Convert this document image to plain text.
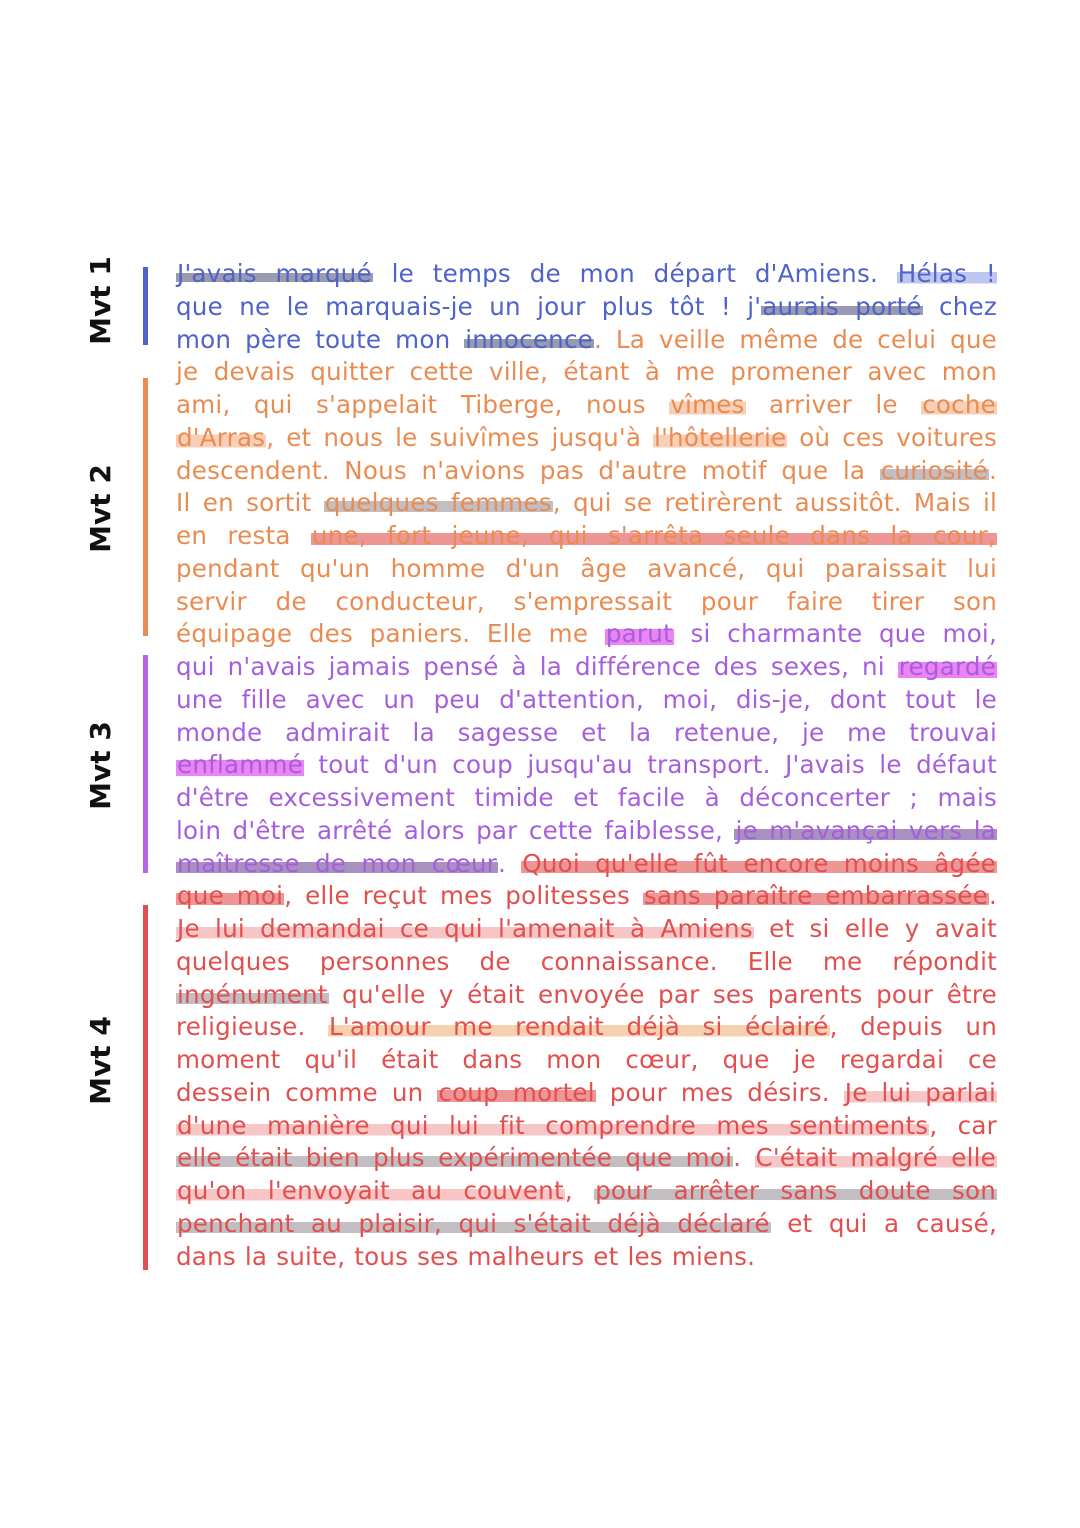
Mvt 1
Mvt 2
Mvt 3
Mvt 4
J'avais marqué le temps de mon départ d'Amiens. Hélas !
que ne le marquais-je un jour plus tôt ! j'aurais porté chez
mon père toute mon innocence. La veille même de celui que
je devais quitter cette ville, étant à me promener avec mon
ami, qui s'appelait Tiberge, nous vîmes arriver le coche
d'Arras, et nous le suivîmes jusqu'à l'hôtellerie où ces voitures
descendent. Nous n'avions pas d'autre motif que la curiosité.
Il en sortit quelques femmes, qui se retirèrent aussitôt. Mais il
en resta une, fort jeune, qui s'arrêta seule dans la cour,
pendant qu'un homme d'un âge avancé, qui paraissait lui
servir de conducteur, s'empressait pour faire tirer son
équipage des paniers. Elle me parut si charmante que moi,
qui n'avais jamais pensé à la différence des sexes, ni regardé
une fille avec un peu d'attention, moi, dis-je, dont tout le
monde admirait la sagesse et la retenue, je me trouvai
enflammé tout d'un coup jusqu'au transport. J'avais le défaut
d'être excessivement timide et facile à déconcerter ; mais
loin d'être arrêté alors par cette faiblesse, je m'avançai vers la
maîtresse de mon cœur. Quoi qu'elle fût encore moins âgée
que moi, elle reçut mes politesses sans paraître embarrassée.
Je lui demandai ce qui l'amenait à Amiens et si elle y avait
quelques personnes de connaissance. Elle me répondit
ingénument qu'elle y était envoyée par ses parents pour être
religieuse. L'amour me rendait déjà si éclairé, depuis un
moment qu'il était dans mon cœur, que je regardai ce
dessein comme un coup mortel pour mes désirs. Je lui parlai
d'une manière qui lui fit comprendre mes sentiments, car
elle était bien plus expérimentée que moi. C'était malgré elle
qu'on l'envoyait au couvent, pour arrêter sans doute son
penchant au plaisir, qui s'était déjà déclaré et qui a causé,
dans la suite, tous ses malheurs et les miens.
